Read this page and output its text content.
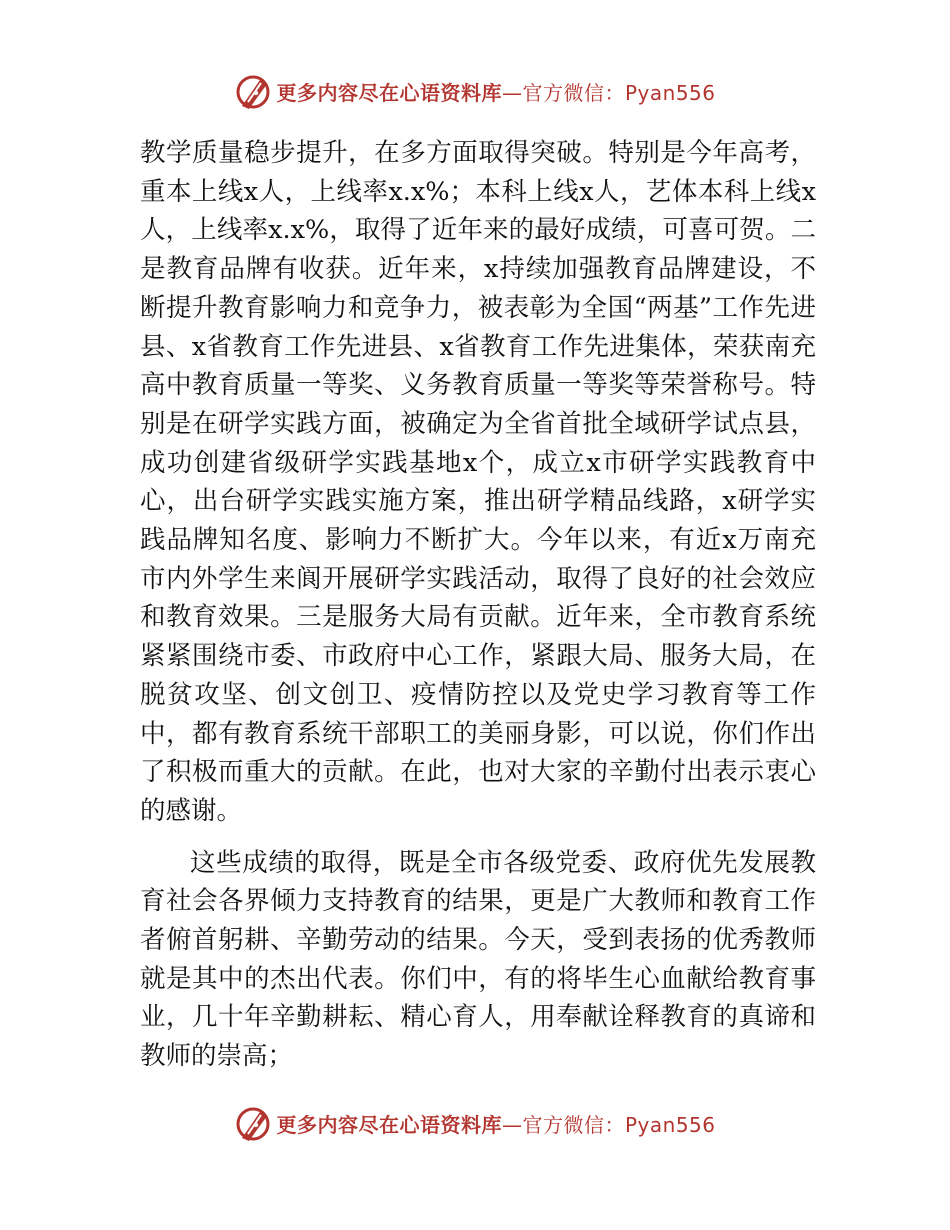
更多内容尽在心语资料库—官方微信：Pyan556

教学质量稳步提升，在多方面取得突破。特别是今年高考，重本上线x人，上线率x.x%；本科上线x人，艺体本科上线x人，上线率x.x%，取得了近年来的最好成绩，可喜可贺。二是教育品牌有收获。近年来，x持续加强教育品牌建设，不断提升教育影响力和竞争力，被表彰为全国“两基”工作先进县、x省教育工作先进县、x省教育工作先进集体，荣获南充高中教育质量一等奖、义务教育质量一等奖等荣誉称号。特别是在研学实践方面，被确定为全省首批全域研学试点县，成功创建省级研学实践基地x个，成立x市研学实践教育中心，出台研学实践实施方案，推出研学精品线路，x研学实践品牌知名度、影响力不断扩大。今年以来，有近x万南充市内外学生来阆开展研学实践活动，取得了良好的社会效应和教育效果。三是服务大局有贡献。近年来，全市教育系统紧紧围绕市委、市政府中心工作，紧跟大局、服务大局，在脱贫攻坚、创文创卫、疫情防控以及党史学习教育等工作中，都有教育系统干部职工的美丽身影，可以说，你们作出了积极而重大的贡献。在此，也对大家的辛勤付出表示衷心的感谢。

这些成绩的取得，既是全市各级党委、政府优先发展教育社会各界倾力支持教育的结果，更是广大教师和教育工作者俯首躬耕、辛勤劳动的结果。今天，受到表扬的优秀教师就是其中的杰出代表。你们中，有的将毕生心血献给教育事业，几十年辛勤耕耘、精心育人，用奉献诠释教育的真谛和教师的崇高；

更多内容尽在心语资料库—官方微信：Pyan556
